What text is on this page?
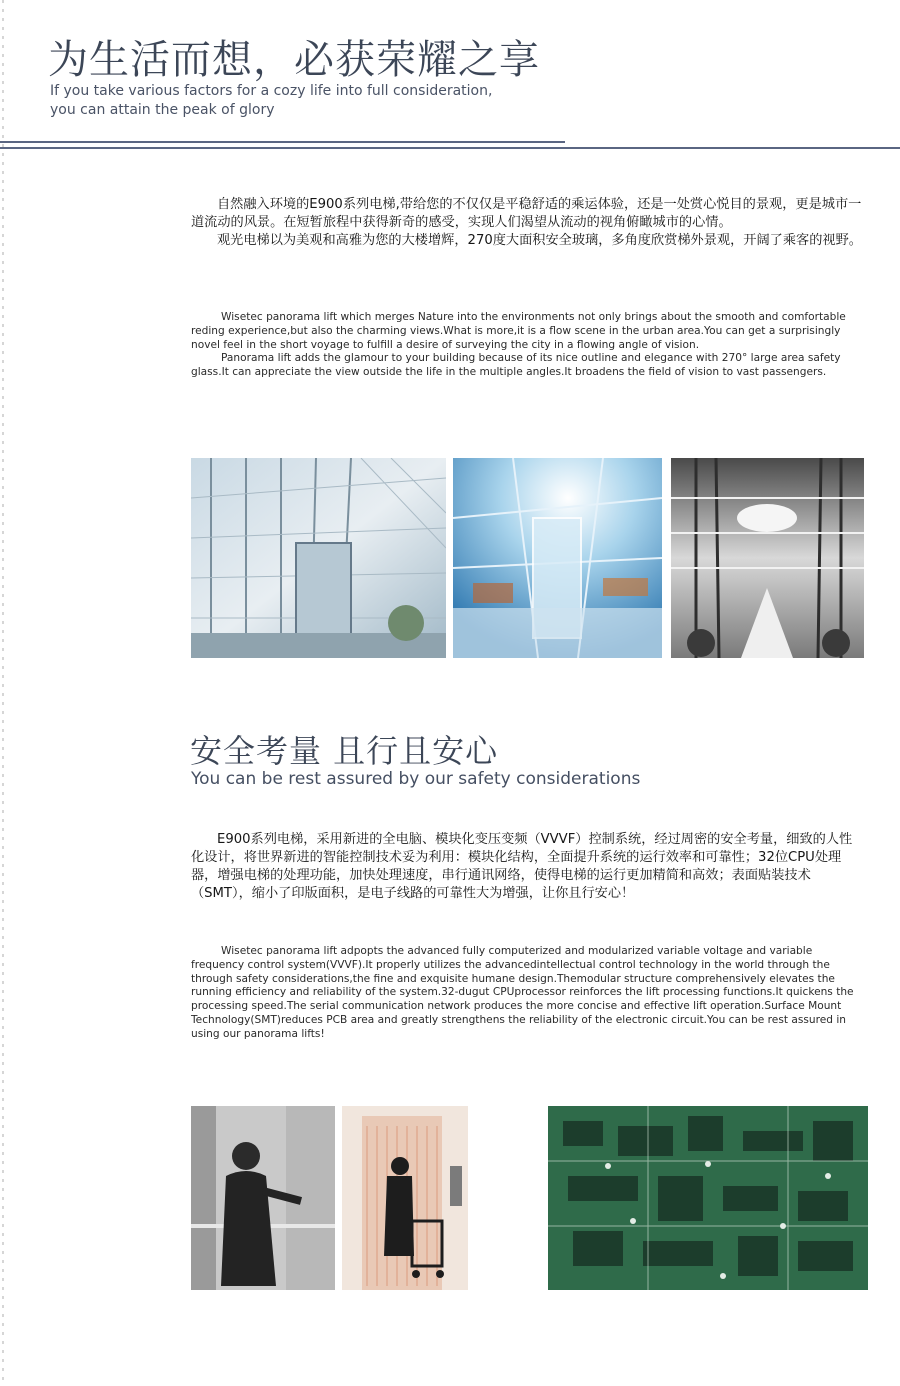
为生活而想，必获荣耀之享
If you take various factors for a cozy life into full consideration,
you can attain the peak of glory

自然融入环境的E900系列电梯,带给您的不仅仅是平稳舒适的乘运体验，还是一处赏心悦目的景观，更是城市一道流动的风景。在短暂旅程中获得新奇的感受，实现人们渴望从流动的视角俯瞰城市的心情。

观光电梯以为美观和高雅为您的大楼增辉，270度大面积安全玻璃，多角度欣赏梯外景观，开阔了乘客的视野。

Wisetec panorama lift which merges Nature into the environments not only brings about the smooth and comfortable reding experience,but also the charming views.What is more,it is a flow scene in the urban area.You can get a surprisingly novel feel in the short voyage to fulfill a desire of surveying the city in a flowing angle of vision.

Panorama lift adds the glamour to your building because of its nice outline and elegance with 270° large area safety glass.It can appreciate the view outside the life in the multiple angles.It broadens the field of vision to vast passengers.

安全考量 且行且安心
You can be rest assured by our safety considerations

E900系列电梯，采用新进的全电脑、模块化变压变频（VVVF）控制系统，经过周密的安全考量，细致的人性化设计，将世界新进的智能控制技术妥为利用：模块化结构，全面提升系统的运行效率和可靠性；32位CPU处理器，增强电梯的处理功能，加快处理速度，串行通讯网络，使得电梯的运行更加精简和高效；表面贴装技术（SMT），缩小了印版面积，是电子线路的可靠性大为增强，让你且行安心！

Wisetec panorama lift adpopts the advanced fully computerized and modularized variable voltage and variable frequency control system(VVVF).It properly utilizes the advancedintellectual control technology in the world through the through safety considerations,the fine and exquisite humane design.Themodular structure comprehensively elevates the running efficiency and reliability of the system.32-dugut CPUprocessor reinforces the lift processing functions.It quickens the processing speed.The serial communication network produces the more concise and effective lift operation.Surface Mount Technology(SMT)reduces PCB area and greatly strengthens the reliability of the electronic circuit.You can be rest assured in using our panorama lifts!
